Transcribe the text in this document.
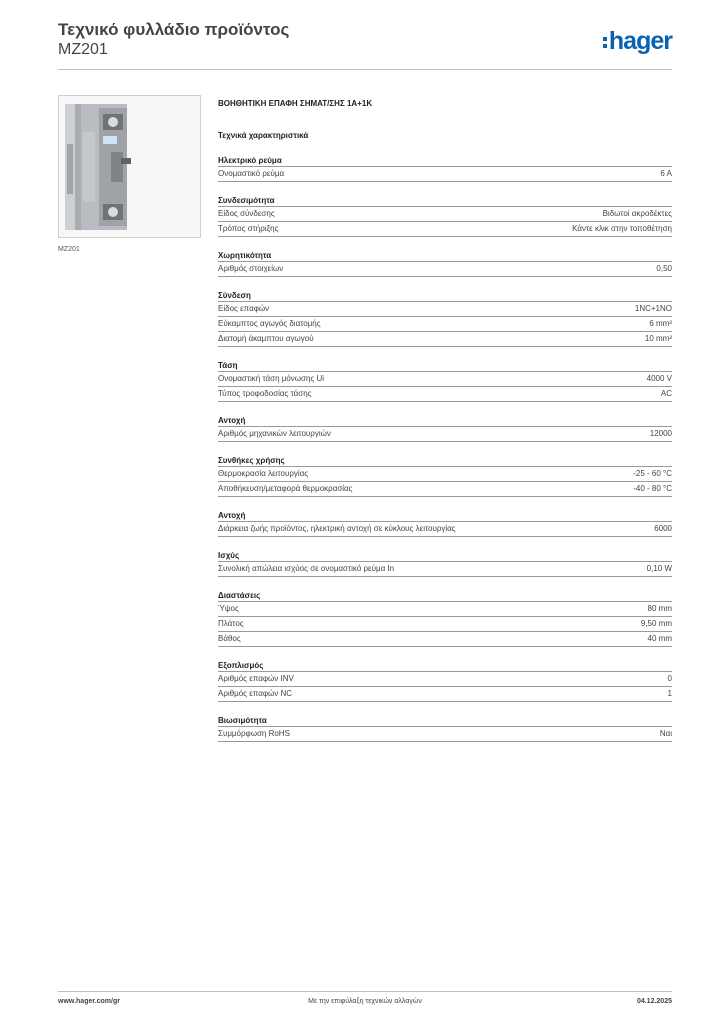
Τεχνικό φυλλάδιο προϊόντος
MZ201	hager
MZ201
ΒΟΗΘΗΤΙΚΗ ΕΠΑΦΗ ΣΗΜΑΤ/ΣΗΣ 1Α+1Κ
Τεχνικά χαρακτηριστικά
Ηλεκτρικό ρεύμα
Ονομαστικό ρεύμα	6 A
Συνδεσιμότητα
Είδος σύνδεσης	Βιδωτοί ακροδέκτες
Τρόπος στήριξης	Κάντε κλικ στην τοποθέτηση
Χωρητικότητα
Αριθμός στοιχείων	0,50
Σύνδεση
Είδος επαφών	1NC+1NO
Εύκαμπτος αγωγός διατομής	6 mm²
Διατομή άκαμπτου αγωγού	10 mm²
Τάση
Ονομαστική τάση μόνωσης Ui	4000 V
Τύπος τροφοδοσίας τάσης	AC
Αντοχή
Αριθμός μηχανικών λειτουργιών	12000
Συνθήκες χρήσης
Θερμοκρασία λειτουργίας	-25 - 60 °C
Αποθήκευση/μεταφορά θερμοκρασίας	-40 - 80 °C
Αντοχή
Διάρκεια ζωής προϊόντος, ηλεκτρική αντοχή σε κύκλους λειτουργίας	6000
Ισχύς
Συνολική απώλεια ισχύος σε ονομαστικό ρεύμα In	0,10 W
Διαστάσεις
Ύψος	80 mm
Πλάτος	9,50 mm
Βάθος	40 mm
Εξοπλισμός
Αριθμός επαφών INV	0
Αριθμός επαφών NC	1
Βιωσιμότητα
Συμμόρφωση RoHS	Ναι
www.hager.com/gr	Με την επιφύλαξη τεχνικών αλλαγών	04.12.2025
